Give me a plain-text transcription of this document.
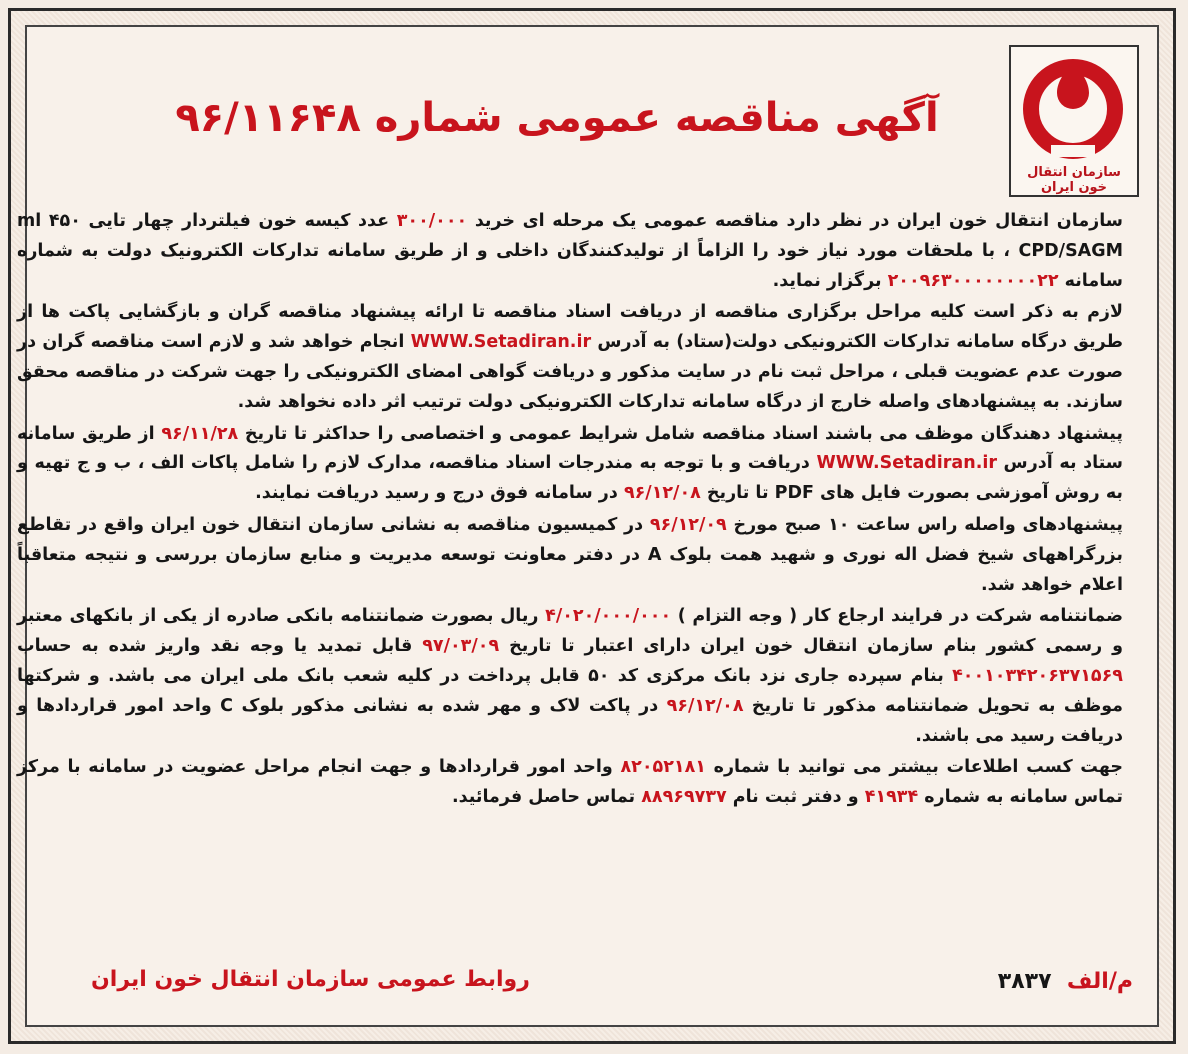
سازمان انتقال خون ایران
آگهی مناقصه عمومی شماره ۹۶/۱۱۶۴۸

سازمان انتقال خون ایران در نظر دارد مناقصه عمومی یک مرحله ای خرید ۳۰۰/۰۰۰ عدد کیسه خون فیلتردار چهار تایی ml ۴۵۰ CPD/SAGM ، با ملحقات مورد نیاز خود را الزاماً از تولیدکنندگان داخلی و از طریق سامانه تدارکات الکترونیک دولت به شماره سامانه ۲۰۰۹۶۳۰۰۰۰۰۰۰۰۲۲ برگزار نماید.

لازم به ذکر است کلیه مراحل برگزاری مناقصه از دریافت اسناد مناقصه تا ارائه پیشنهاد مناقصه گران و بازگشایی پاکت ها از طریق درگاه سامانه تدارکات الکترونیکی دولت(ستاد) به آدرس WWW.Setadiran.ir انجام خواهد شد و لازم است مناقصه گران در صورت عدم عضویت قبلی ، مراحل ثبت نام در سایت مذکور و دریافت گواهی امضای الکترونیکی را جهت شرکت در مناقصه محقق سازند. به پیشنهادهای واصله خارج از درگاه سامانه تدارکات الکترونیکی دولت ترتیب اثر داده نخواهد شد.

پیشنهاد دهندگان موظف می باشند اسناد مناقصه شامل شرایط عمومی و اختصاصی را حداکثر تا تاریخ ۹۶/۱۱/۲۸ از طریق سامانه ستاد به آدرس WWW.Setadiran.ir دریافت و با توجه به مندرجات اسناد مناقصه، مدارک لازم را شامل پاکات الف ، ب و ج تهیه و به روش آموزشی بصورت فایل های PDF تا تاریخ ۹۶/۱۲/۰۸ در سامانه فوق درج و رسید دریافت نمایند.

پیشنهادهای واصله راس ساعت ۱۰ صبح مورخ ۹۶/۱۲/۰۹ در کمیسیون مناقصه به نشانی سازمان انتقال خون ایران واقع در تقاطع بزرگراههای شیخ فضل اله نوری و شهید همت بلوک A در دفتر معاونت توسعه مدیریت و منابع سازمان بررسی و نتیجه متعاقباً اعلام خواهد شد.

ضمانتنامه شرکت در فرایند ارجاع کار ( وجه التزام ) ۴/۰۲۰/۰۰۰/۰۰۰ ریال بصورت ضمانتنامه بانکی صادره از یکی از بانکهای معتبر و رسمی کشور بنام سازمان انتقال خون ایران دارای اعتبار تا تاریخ ۹۷/۰۳/۰۹ قابل تمدید یا وجه نقد واریز شده به حساب ۴۰۰۱۰۳۴۲۰۶۳۷۱۵۶۹ بنام سپرده جاری نزد بانک مرکزی کد ۵۰ قابل پرداخت در کلیه شعب بانک ملی ایران می باشد. و شرکتها موظف به تحویل ضمانتنامه مذکور تا تاریخ ۹۶/۱۲/۰۸ در پاکت لاک و مهر شده به نشانی مذکور بلوک C واحد امور قراردادها و دریافت رسید می باشند.

جهت کسب اطلاعات بیشتر می توانید با شماره ۸۲۰۵۲۱۸۱ واحد امور قراردادها و جهت انجام مراحل عضویت در سامانه با مرکز تماس سامانه به شماره ۴۱۹۳۴ و دفتر ثبت نام ۸۸۹۶۹۷۳۷ تماس حاصل فرمائید.

م/الف  ۳۸۳۷
روابط عمومی سازمان انتقال خون ایران
